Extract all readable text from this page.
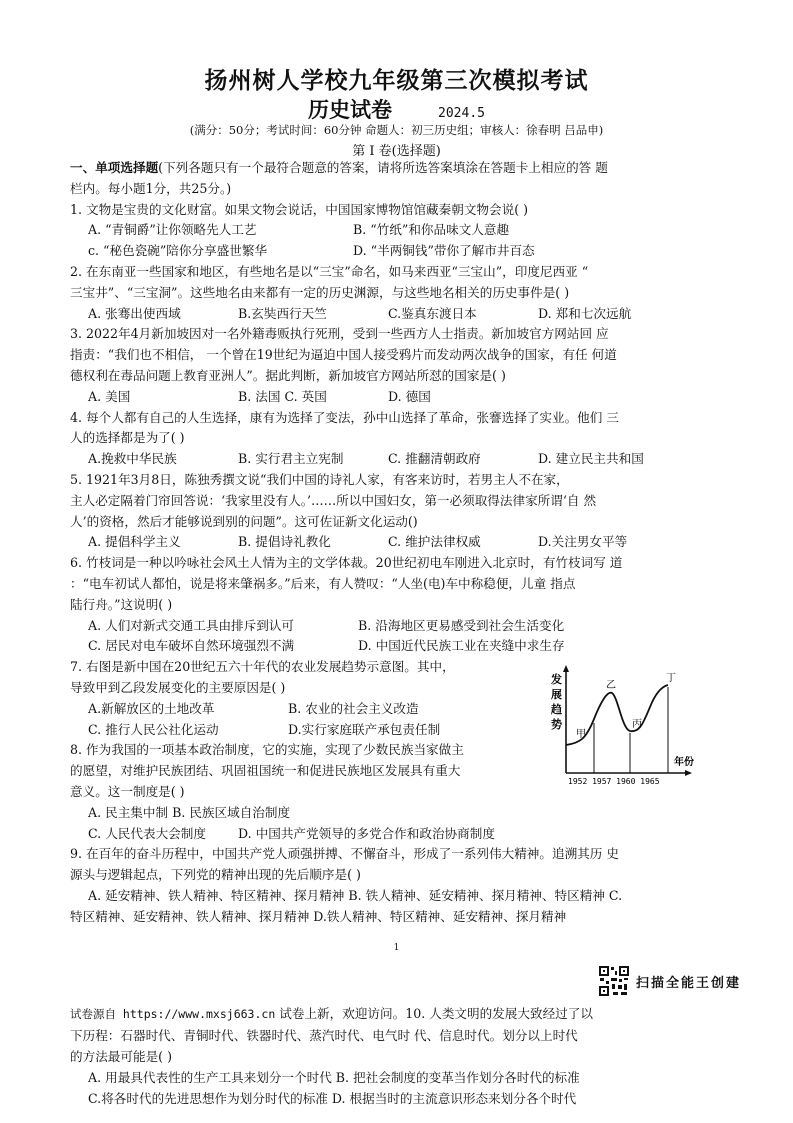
扬州树人学校九年级第三次模拟考试
历史试卷	2024.5
(满分：50分；考试时间：60分钟 命题人：初三历史组；审核人：徐春明 吕品申)
第 I 卷(选择题)

一、单项选择题(下列各题只有一个最符合题意的答案，请将所选答案填涂在答题卡上相应的答 题

栏内。每小题1分，共25分。)

1. 文物是宝贵的文化财富。如果文物会说话，中国国家博物馆馆藏秦朝文物会说( )

A. “青铜爵”让你领略先人工艺	B. “竹纸”和你品味文人意趣
c. “秘色瓷碗”陪你分享盛世繁华	D. “半两铜钱”带你了解市井百态

2. 在东南亚一些国家和地区，有些地名是以“三宝”命名，如马来西亚“三宝山”，印度尼西亚 “

三宝井”、“三宝洞”。这些地名由来都有一定的历史渊源，与这些地名相关的历史事件是( )

A. 张骞出使西域	B.玄奘西行天竺	C.鉴真东渡日本	D. 郑和七次远航

3. 2022年4月新加坡因对一名外籍毒贩执行死刑，受到一些西方人士指责。新加坡官方网站回 应

指责：“我们也不相信， 一个曾在19世纪为逼迫中国人接受鸦片而发动两次战争的国家，有任 何道

德权利在毒品问题上教育亚洲人”。据此判断，新加坡官方网站所怼的国家是( )

A. 美国	B. 法国 C. 英国	D. 德国

4. 每个人都有自己的人生选择，康有为选择了变法，孙中山选择了革命，张謇选择了实业。他们 三

人的选择都是为了( )

A.挽救中华民族	B. 实行君主立宪制	C. 推翻清朝政府	D. 建立民主共和国

5. 1921年3月8日，陈独秀撰文说“我们中国的诗礼人家，有客来访时，若男主人不在家，

主人必定隔着门帘回答说：‘我家里没有人。’……所以中国妇女，第一必须取得法律家所谓‘自 然

人’的资格，然后才能够说到别的问题”。这可佐证新文化运动()

A. 提倡科学主义	B. 提倡诗礼教化	C. 维护法律权威	D.关注男女平等

6. 竹枝词是一种以吟咏社会风土人情为主的文学体裁。20世纪初电车刚进入北京时，有竹枝词写 道

：“电车初试人都怕，说是将来肇祸多。”后来，有人赞叹：“人坐(电)车中称稳便，儿童 指点

陆行舟。”这说明( )

A. 人们对新式交通工具由排斥到认可	B. 沿海地区更易感受到社会生活变化
C. 居民对电车破坏自然环境强烈不满	D. 中国近代民族工业在夹缝中求生存

7. 右图是新中国在20世纪五六十年代的农业发展趋势示意图。其中，

导致甲到乙段发展变化的主要原因是( )

A.新解放区的土地改革	B. 农业的社会主义改造
C. 推行人民公社化运动	D.实行家庭联产承包责任制

8. 作为我国的一项基本政治制度，它的实施，实现了少数民族当家做主

的愿望，对维护民族团结、巩固祖国统一和促进民族地区发展具有重大

意义。这一制度是( )

A. 民主集中制 B. 民族区域自治制度
C. 人民代表大会制度	D. 中国共产党领导的多党合作和政治协商制度

9. 在百年的奋斗历程中，中国共产党人顽强拼搏、不懈奋斗，形成了一系列伟大精神。追溯其历 史

源头与逻辑起点，下列党的精神出现的先后顺序是( )

A. 延安精神、铁人精神、特区精神、探月精神 B. 铁人精神、延安精神、探月精神、特区精神 C.

特区精神、延安精神、铁人精神、探月精神 D.铁人精神、特区精神、延安精神、探月精神

发
展
趋
势
甲
乙
丙
丁
1952 1957 1960 1965
年份
1
扫描全能王创建

试卷源自 https://www.mxsj663.cn 试卷上新，欢迎访问。10. 人类文明的发展大致经过了以

下历程：石器时代、青铜时代、铁器时代、蒸汽时代、电气时 代、信息时代。划分以上时代

的方法最可能是( )

A. 用最具代表性的生产工具来划分一个时代 B. 把社会制度的变革当作划分各时代的标准

C.将各时代的先进思想作为划分时代的标准 D. 根据当时的主流意识形态来划分各个时代
